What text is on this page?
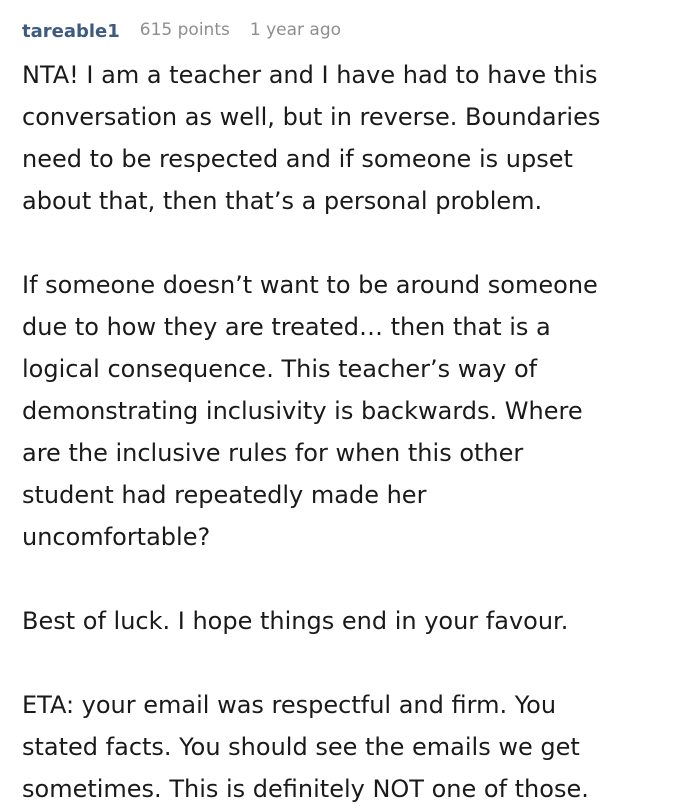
tareable1 615 points 1 year ago

NTA! I am a teacher and I have had to have this
conversation as well, but in reverse. Boundaries
need to be respected and if someone is upset
about that, then that’s a personal problem.

If someone doesn’t want to be around someone
due to how they are treated… then that is a
logical consequence. This teacher’s way of
demonstrating inclusivity is backwards. Where
are the inclusive rules for when this other
student had repeatedly made her
uncomfortable?

Best of luck. I hope things end in your favour.

ETA: your email was respectful and firm. You
stated facts. You should see the emails we get
sometimes. This is definitely NOT one of those.
